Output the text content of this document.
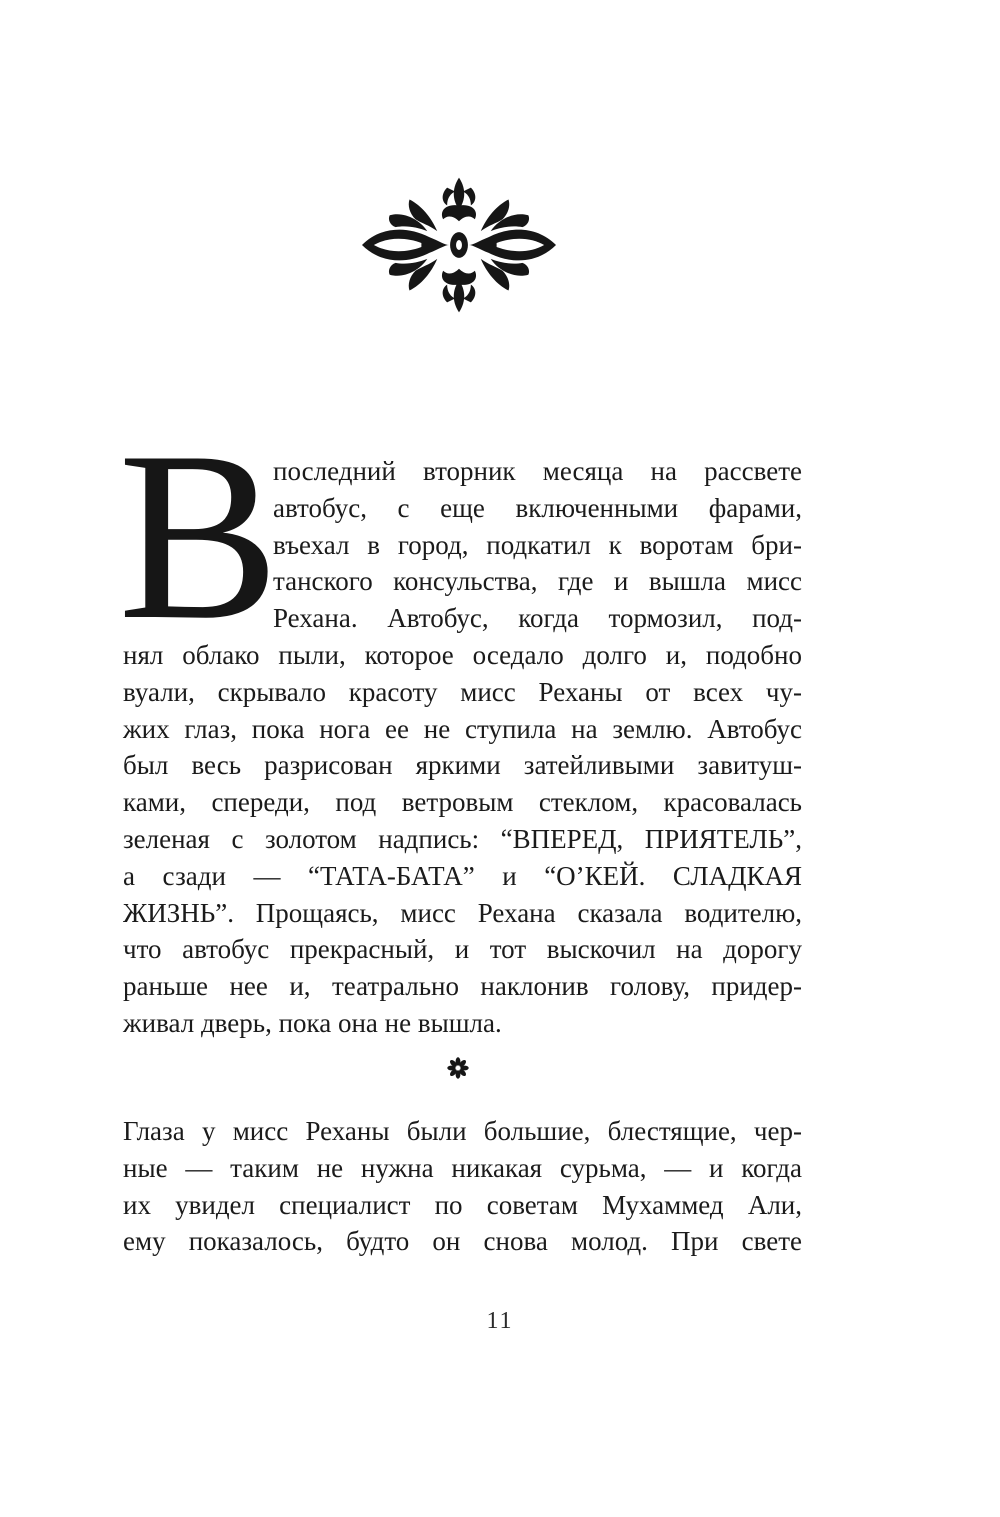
В
последний вторник месяца на рассвете
автобус, с еще включенными фарами,
въехал в город, подкатил к воротам бри-
танского консульства, где и вышла мисс
Рехана. Автобус, когда тормозил, под-
нял облако пыли, которое оседало долго и, подобно
вуали, скрывало красоту мисс Реханы от всех чу-
жих глаз, пока нога ее не ступила на землю. Автобус
был весь разрисован яркими затейливыми завитуш-
ками, спереди, под ветровым стеклом, красовалась
зеленая с золотом надпись: “ВПЕРЕД, ПРИЯТЕЛЬ”,
а сзади — “ТАТА-БАТА” и “О’КЕЙ. СЛАДКАЯ
ЖИЗНЬ”. Прощаясь, мисс Рехана сказала водителю,
что автобус прекрасный, и тот выскочил на дорогу
раньше нее и, театрально наклонив голову, придер-
живал дверь, пока она не вышла.
Глаза у мисс Реханы были большие, блестящие, чер-
ные — таким не нужна никакая сурьма, — и когда
их увидел специалист по советам Мухаммед Али,
ему показалось, будто он снова молод. При свете
11
